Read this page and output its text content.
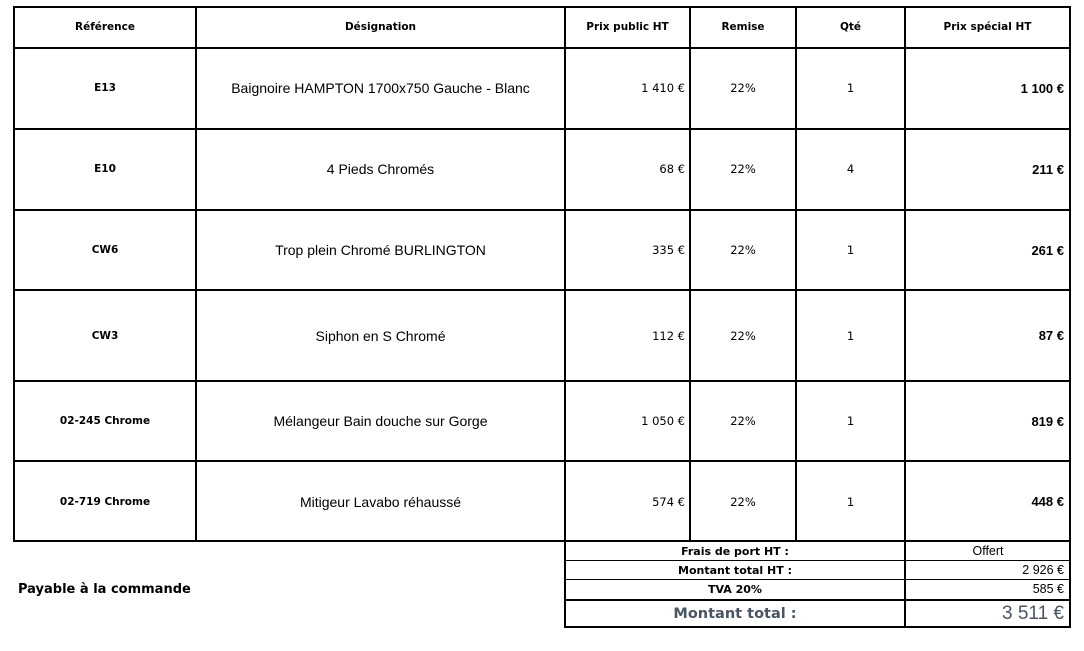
Référence	Désignation	Prix public HT	Remise	Qté	Prix spécial HT
E13	Baignoire HAMPTON 1700x750 Gauche - Blanc	1 410 €	22%	1	1 100 €
E10	4 Pieds Chromés	68 €	22%	4	211 €
CW6	Trop plein Chromé BURLINGTON	335 €	22%	1	261 €
CW3	Siphon en S Chromé	112 €	22%	1	87 €
02-245 Chrome	Mélangeur Bain douche sur Gorge	1 050 €	22%	1	819 €
02-719 Chrome	Mitigeur Lavabo réhaussé	574 €	22%	1	448 €
Frais de port HT :	Offert
Montant total HT :	2 926 €
TVA 20%	585 €
Montant total :	3 511 €
Payable à la commande
